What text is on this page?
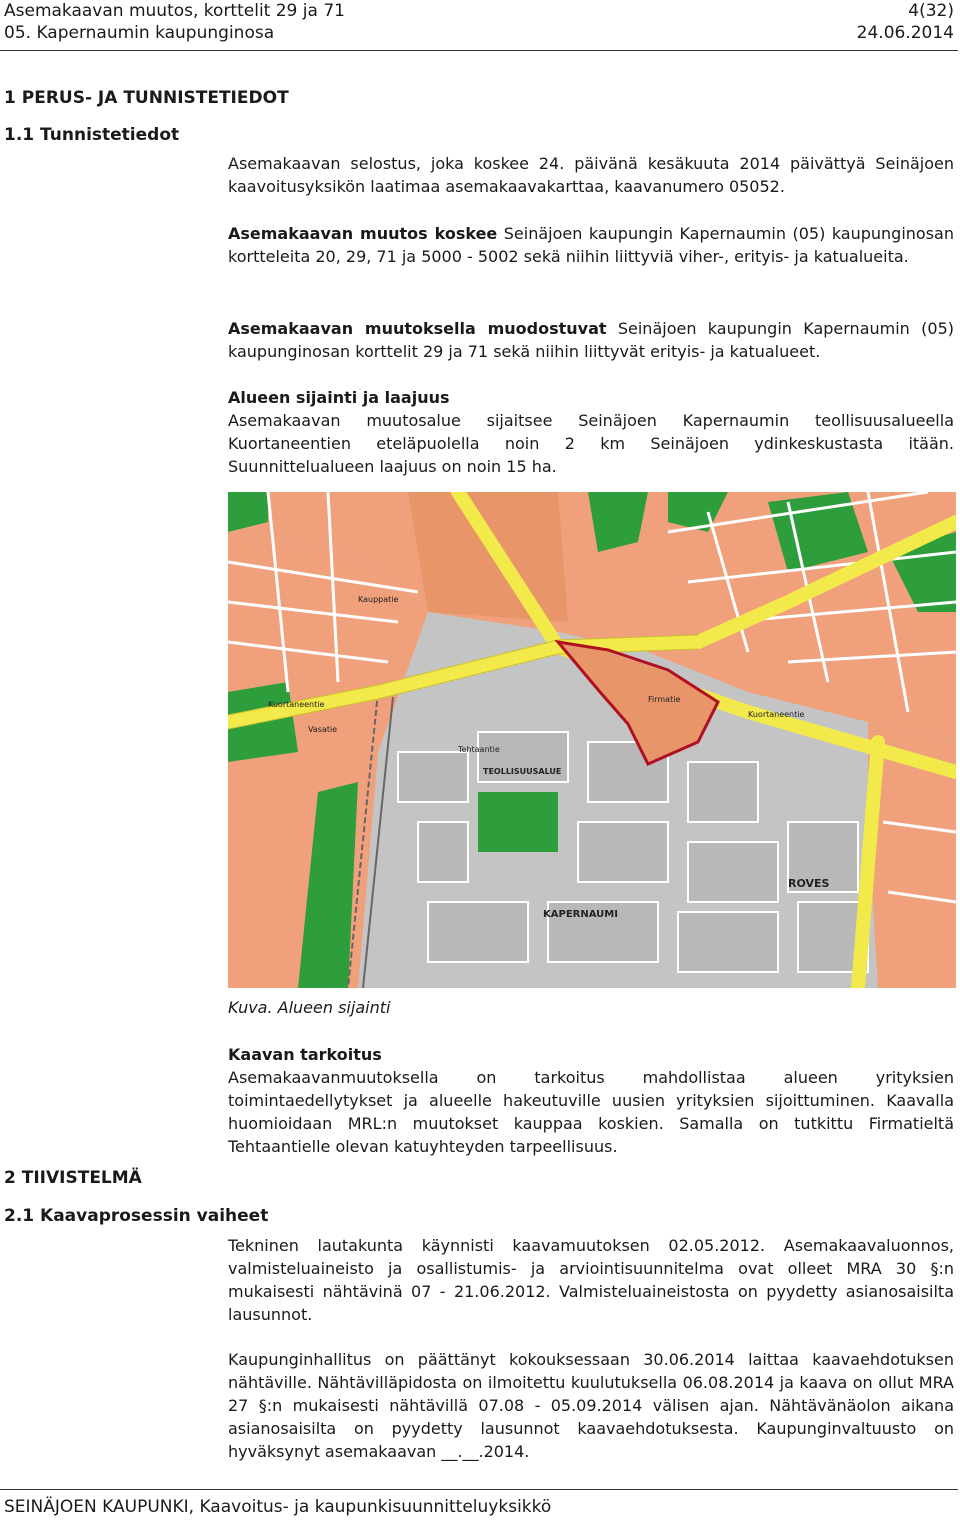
Asemakaavan muutos, korttelit 29 ja 71
05. Kapernaumin kaupunginosa
4(32)
24.06.2014
1 PERUS- JA TUNNISTETIEDOT
1.1 Tunnistetiedot

Asemakaavan selostus, joka koskee 24. päivänä kesäkuuta 2014 päivättyä Seinäjoen kaavoitusyksikön laatimaa asemakaavakarttaa, kaavanumero 05052.

Asemakaavan muutos koskee Seinäjoen kaupungin Kapernaumin (05) kaupunginosan kortteleita 20, 29, 71 ja 5000 - 5002 sekä niihin liittyviä viher-, erityis- ja katualueita.

Asemakaavan muutoksella muodostuvat Seinäjoen kaupungin Kapernaumin (05) kaupunginosan korttelit 29 ja 71 sekä niihin liittyvät erityis- ja katualueet.

Alueen sijainti ja laajuus

Asemakaavan muutosalue sijaitsee Seinäjoen Kapernaumin teollisuusalueella Kuortaneentien eteläpuolella noin 2 km Seinäjoen ydinkeskustasta itään. Suunnittelualueen laajuus on noin 15 ha.

Kuortaneentie
Kuortaneentie
Vasatie
Kauppatie
Firmatie
Tehtaantie
TEOLLISUUSALUE
ROVES
KAPERNAUMI
Kuva. Alueen sijainti

Kaavan tarkoitus

Asemakaavanmuutoksella on tarkoitus mahdollistaa alueen yrityksien toimintaedellytykset ja alueelle hakeutuville uusien yrityksien sijoittuminen. Kaavalla huomioidaan MRL:n muutokset kauppaa koskien. Samalla on tutkittu Firmatieltä Tehtaantielle olevan katuyhteyden tarpeellisuus.

2 TIIVISTELMÄ
2.1 Kaavaprosessin vaiheet

Tekninen lautakunta käynnisti kaavamuutoksen 02.05.2012. Asemakaavaluonnos, valmisteluaineisto ja osallistumis- ja arviointisuunnitelma ovat olleet MRA 30 §:n mukaisesti nähtävinä 07 - 21.06.2012. Valmisteluaineistosta on pyydetty asianosaisilta lausunnot.

Kaupunginhallitus on päättänyt kokouksessaan 30.06.2014 laittaa kaavaehdotuksen nähtäville. Nähtävilläpidosta on ilmoitettu kuulutuksella 06.08.2014 ja kaava on ollut MRA 27 §:n mukaisesti nähtävillä 07.08 - 05.09.2014 välisen ajan. Nähtävänäolon aikana asianosaisilta on pyydetty lausunnot kaavaehdotuksesta. Kaupunginvaltuusto on hyväksynyt asemakaavan __.__.2014.

SEINÄJOEN KAUPUNKI, Kaavoitus- ja kaupunkisuunnitteluyksikkö
